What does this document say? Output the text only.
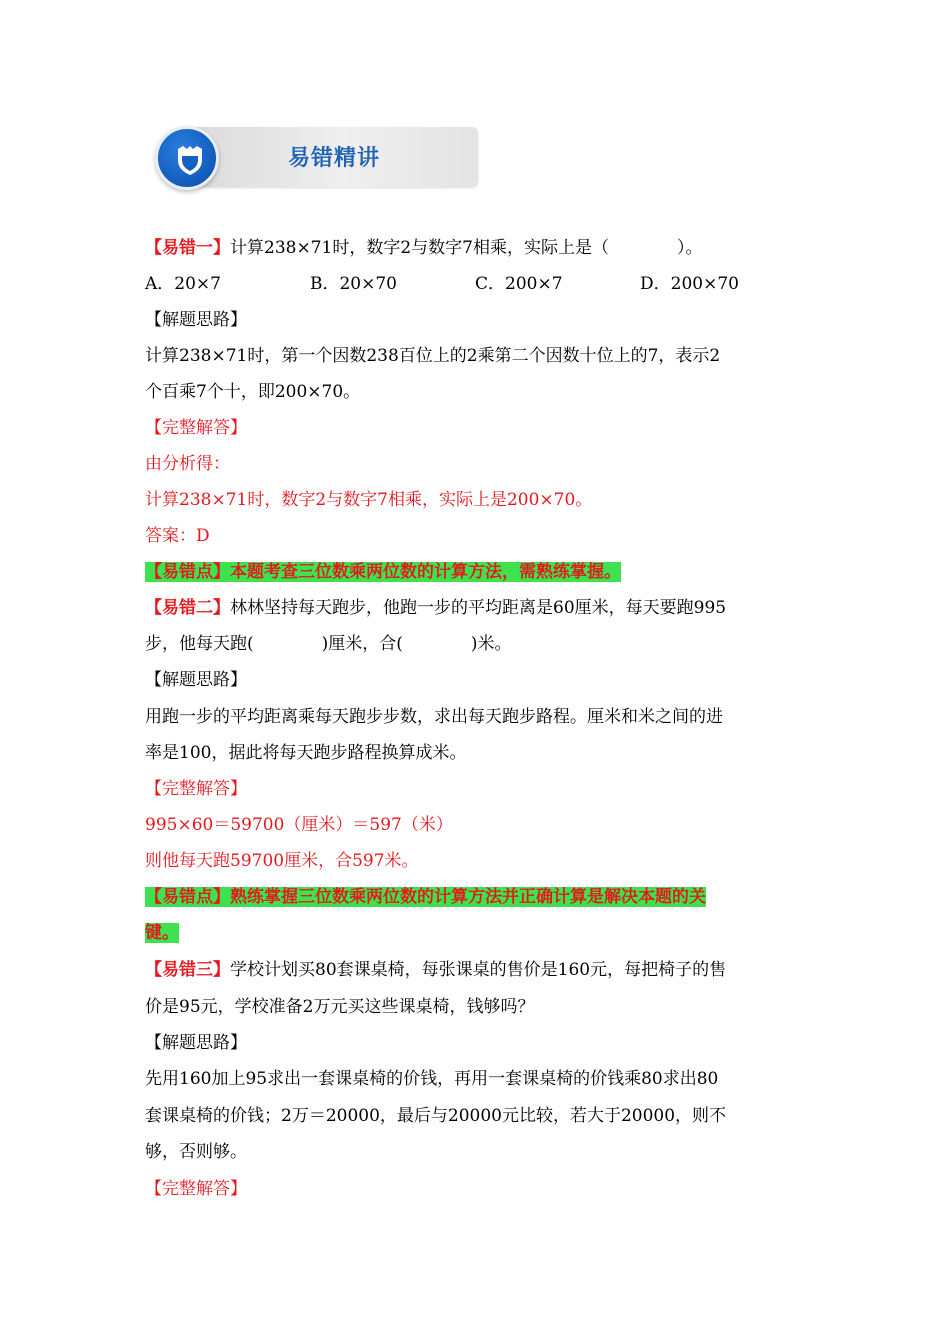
易错精讲

【易错一】计算238×71时，数字2与数字7相乘，实际上是（　　　　）。

A．20×7	B．20×70	C．200×7	D．200×70

【解题思路】

计算238×71时，第一个因数238百位上的2乘第二个因数十位上的7，表示2

个百乘7个十，即200×70。

【完整解答】

由分析得：

计算238×71时，数字2与数字7相乘，实际上是200×70。

答案：D

【易错点】本题考查三位数乘两位数的计算方法，需熟练掌握。

【易错二】林林坚持每天跑步，他跑一步的平均距离是60厘米，每天要跑995

步，他每天跑(　　　　)厘米，合(　　　　)米。

【解题思路】

用跑一步的平均距离乘每天跑步步数，求出每天跑步路程。厘米和米之间的进

率是100，据此将每天跑步路程换算成米。

【完整解答】

995×60＝59700（厘米）＝597（米）

则他每天跑59700厘米，合597米。

【易错点】熟练掌握三位数乘两位数的计算方法并正确计算是解决本题的关

键。

【易错三】学校计划买80套课桌椅，每张课桌的售价是160元，每把椅子的售

价是95元，学校准备2万元买这些课桌椅，钱够吗？

【解题思路】

先用160加上95求出一套课桌椅的价钱，再用一套课桌椅的价钱乘80求出80

套课桌椅的价钱；2万＝20000，最后与20000元比较，若大于20000，则不

够，否则够。

【完整解答】
